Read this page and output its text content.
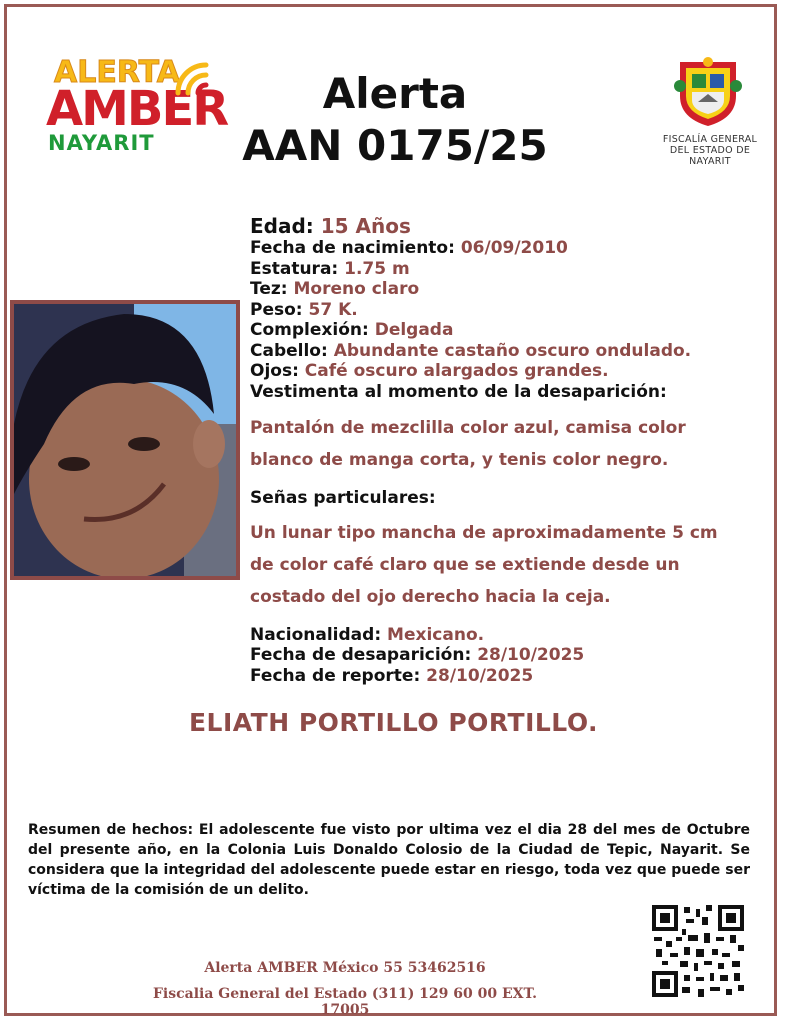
ALERTA
AMBER
NAYARIT
Alerta
AAN 0175/25	FISCALÍA GENERAL
DEL ESTADO DE
NAYARIT
Edad: 15 Años
Fecha de nacimiento: 06/09/2010
Estatura: 1.75 m
Tez: Moreno claro
Peso: 57 K.
Complexión: Delgada
Cabello: Abundante castaño oscuro ondulado.
Ojos: Café oscuro alargados grandes.
Vestimenta al momento de la desaparición:
Pantalón de mezclilla color azul, camisa color
blanco de manga corta, y tenis color negro.
Señas particulares:
Un lunar tipo mancha de aproximadamente 5 cm
de color café claro que se extiende desde un
costado del ojo derecho hacia la ceja.
Nacionalidad: Mexicano.
Fecha de desaparición: 28/10/2025
Fecha de reporte: 28/10/2025
ELIATH PORTILLO PORTILLO.
Resumen de hechos: El adolescente fue visto por ultima vez el dia 28 del mes de Octubre del presente año, en la Colonia Luis Donaldo Colosio de la Ciudad de Tepic, Nayarit. Se considera que la integridad del adolescente puede estar en riesgo, toda vez que puede ser víctima de la comisión de un delito.
Alerta AMBER México 55 53462516
Fiscalia General del Estado (311) 129 60 00 EXT. 17005
